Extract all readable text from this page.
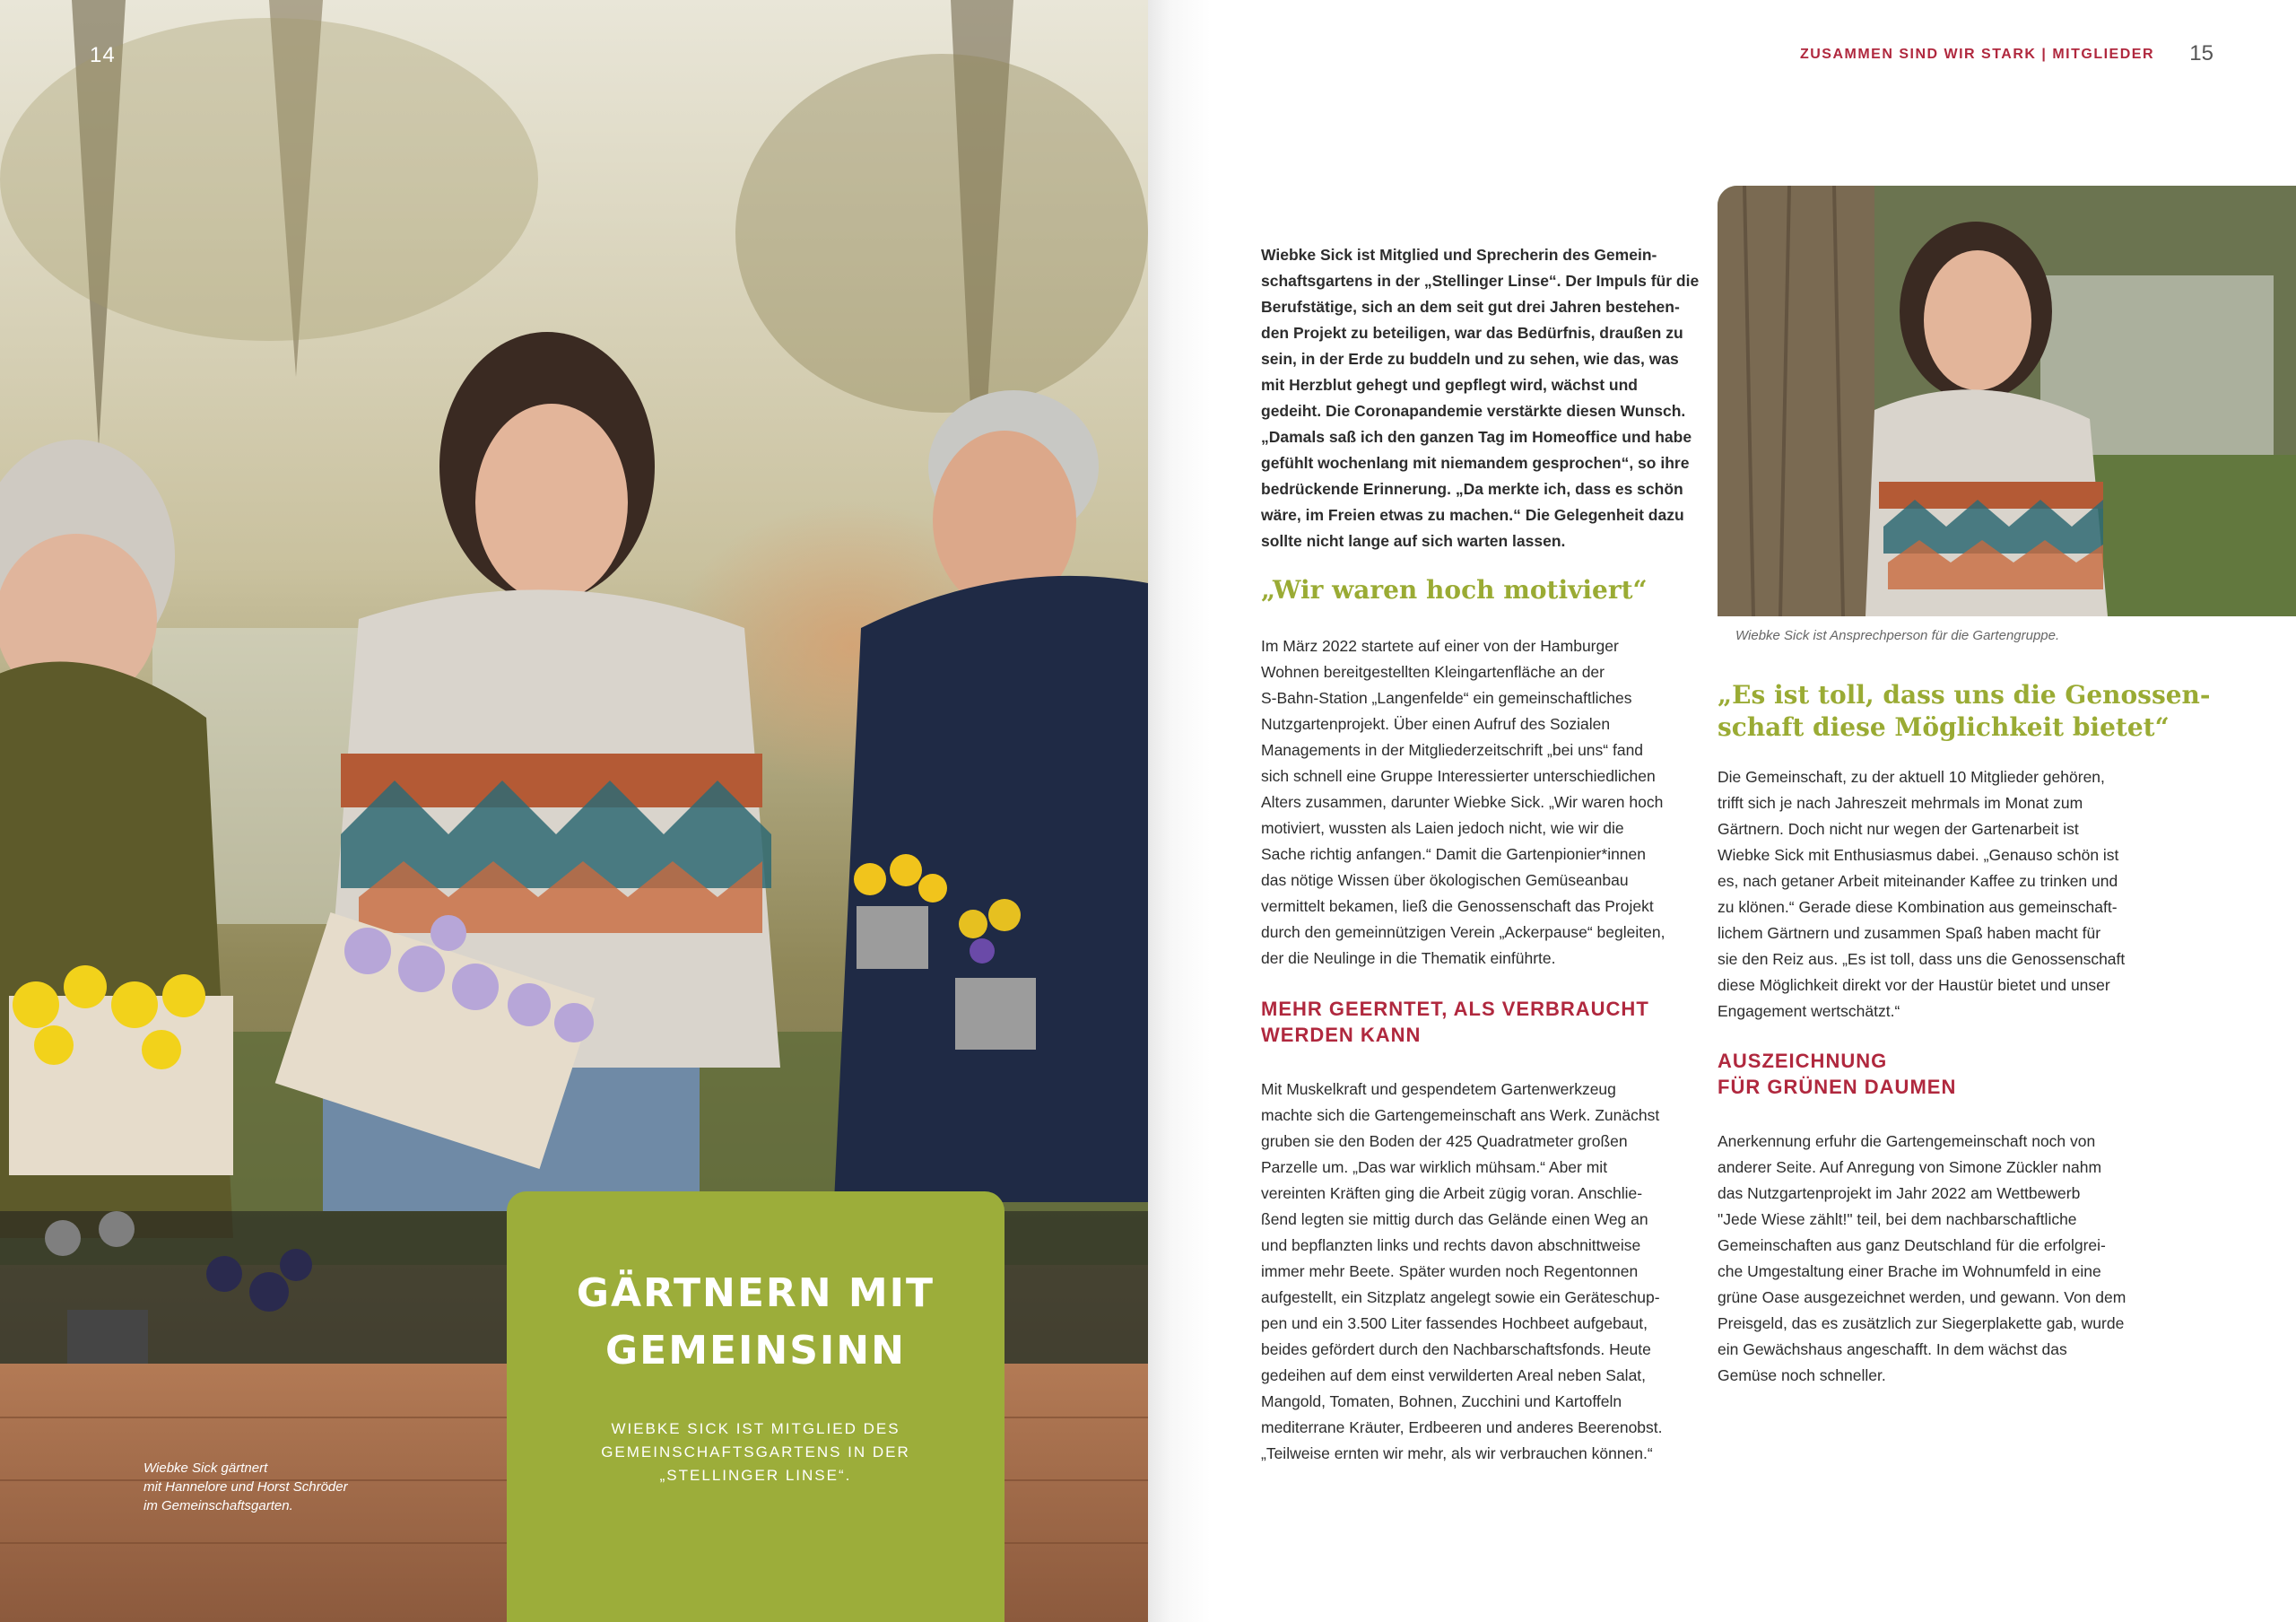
14
Wiebke Sick gärtnert
mit Hannelore und Horst Schröder
im Gemeinschaftsgarten.
GÄRTNERN MIT
GEMEINSINN
WIEBKE SICK IST MITGLIED DES
GEMEINSCHAFTSGARTENS IN DER
„STELLINGER LINSE“.
ZUSAMMEN SIND WIR STARK | MITGLIEDER 15

Wiebke Sick ist Mitglied und Sprecherin des Gemein-
schaftsgartens in der „Stellinger Linse“. Der Impuls für die
Berufstätige, sich an dem seit gut drei Jahren bestehen-
den Projekt zu beteiligen, war das Bedürfnis, draußen zu
sein, in der Erde zu buddeln und zu sehen, wie das, was
mit Herzblut gehegt und gepflegt wird, wächst und
gedeiht. Die Coronapandemie verstärkte diesen Wunsch.
„Damals saß ich den ganzen Tag im Homeoffice und habe
gefühlt wochenlang mit niemandem gesprochen“, so ihre
bedrückende Erinnerung. „Da merkte ich, dass es schön
wäre, im Freien etwas zu machen.“ Die Gelegenheit dazu
sollte nicht lange auf sich warten lassen.

„Wir waren hoch motiviert“

Im März 2022 startete auf einer von der Hamburger
Wohnen bereitgestellten Kleingartenfläche an der
S-Bahn-Station „Langenfelde“ ein gemeinschaftliches
Nutzgartenprojekt. Über einen Aufruf des Sozialen
Managements in der Mitgliederzeitschrift „bei uns“ fand
sich schnell eine Gruppe Interessierter unterschiedlichen
Alters zusammen, darunter Wiebke Sick. „Wir waren hoch
motiviert, wussten als Laien jedoch nicht, wie wir die
Sache richtig anfangen.“ Damit die Gartenpionier*innen
das nötige Wissen über ökologischen Gemüseanbau
vermittelt bekamen, ließ die Genossenschaft das Projekt
durch den gemeinnützigen Verein „Ackerpause“ begleiten,
der die Neulinge in die Thematik einführte.

MEHR GEERNTET, ALS VERBRAUCHT
WERDEN KANN

Mit Muskelkraft und gespendetem Gartenwerkzeug
machte sich die Gartengemeinschaft ans Werk. Zunächst
gruben sie den Boden der 425 Quadratmeter großen
Parzelle um. „Das war wirklich mühsam.“ Aber mit
vereinten Kräften ging die Arbeit zügig voran. Anschlie-
ßend legten sie mittig durch das Gelände einen Weg an
und bepflanzten links und rechts davon abschnittweise
immer mehr Beete. Später wurden noch Regentonnen
aufgestellt, ein Sitzplatz angelegt sowie ein Geräteschup-
pen und ein 3.500 Liter fassendes Hochbeet aufgebaut,
beides gefördert durch den Nachbarschaftsfonds. Heute
gedeihen auf dem einst verwilderten Areal neben Salat,
Mangold, Tomaten, Bohnen, Zucchini und Kartoffeln
mediterrane Kräuter, Erdbeeren und anderes Beerenobst.
„Teilweise ernten wir mehr, als wir verbrauchen können.“

Wiebke Sick ist Ansprechperson für die Gartengruppe.
„Es ist toll, dass uns die Genossen-
schaft diese Möglichkeit bietet“

Die Gemeinschaft, zu der aktuell 10 Mitglieder gehören,
trifft sich je nach Jahreszeit mehrmals im Monat zum
Gärtnern. Doch nicht nur wegen der Gartenarbeit ist
Wiebke Sick mit Enthusiasmus dabei. „Genauso schön ist
es, nach getaner Arbeit miteinander Kaffee zu trinken und
zu klönen.“ Gerade diese Kombination aus gemeinschaft-
lichem Gärtnern und zusammen Spaß haben macht für
sie den Reiz aus. „Es ist toll, dass uns die Genossenschaft
diese Möglichkeit direkt vor der Haustür bietet und unser
Engagement wertschätzt.“

AUSZEICHNUNG
FÜR GRÜNEN DAUMEN

Anerkennung erfuhr die Gartengemeinschaft noch von
anderer Seite. Auf Anregung von Simone Zückler nahm
das Nutzgartenprojekt im Jahr 2022 am Wettbewerb
"Jede Wiese zählt!" teil, bei dem nachbarschaftliche
Gemeinschaften aus ganz Deutschland für die erfolgrei-
che Umgestaltung einer Brache im Wohnumfeld in eine
grüne Oase ausgezeichnet werden, und gewann. Von dem
Preisgeld, das es zusätzlich zur Siegerplakette gab, wurde
ein Gewächshaus angeschafft. In dem wächst das
Gemüse noch schneller.
